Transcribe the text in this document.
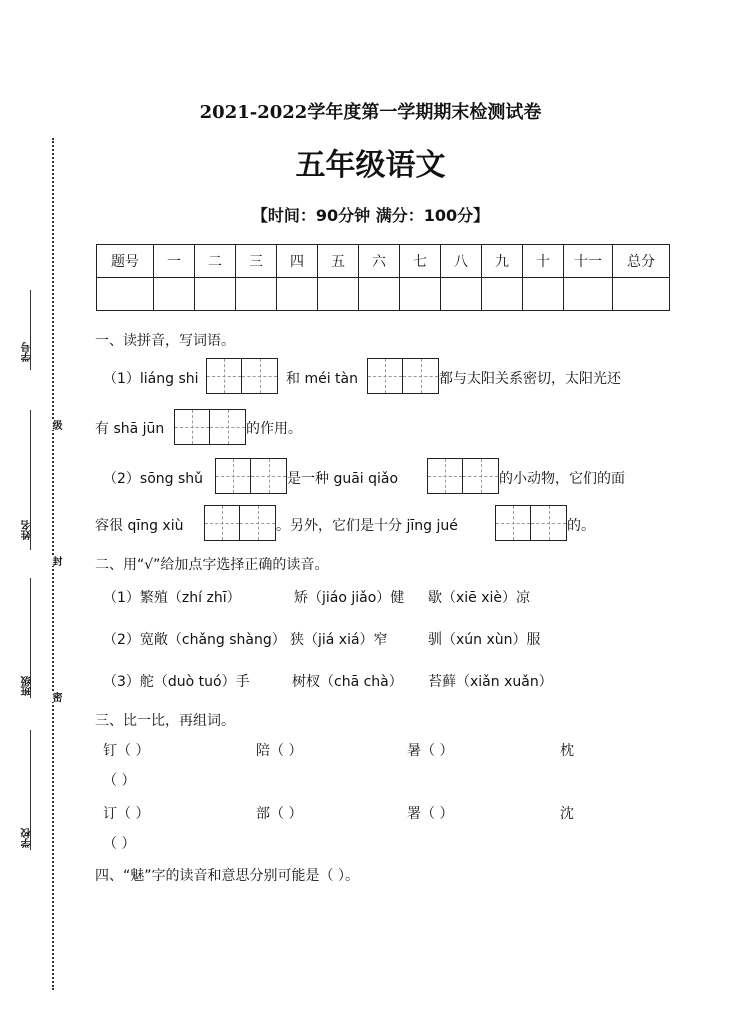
学号
姓名
班级
学校
级
封
密
2021-2022学年度第一学期期末检测试卷
五年级语文
【时间：90分钟 满分：100分】
题号	一	二	三	四	五	六	七	八	九	十	十一	总分

一、读拼音，写词语。
（1）liáng shi	和 méi tàn	都与太阳关系密切，太阳光还
有 shā jūn	的作用。
（2）sōng shǔ	是一种 guāi qiǎo	的小动物，它们的面
容很 qīng xiù	。另外，它们是十分 jīng jué	的。
二、用“√”给加点字选择正确的读音。
（1）繁殖（zhí zhī）	矫（jiáo jiǎo）健 歇（xiē xiè）凉
（2）宽敞（chǎng shàng） 狭（jiá xiá）窄	驯（xún xùn）服
（3）舵（duò tuó）手	树杈（chā chà） 苔藓（xiǎn xuǎn）
三、比一比，再组词。
钉（ ）	陪（ ）	暑（ ）	枕
（ ）
订（ ）	部（ ）	署（ ）	沈
（ ）
四、“魅”字的读音和意思分别可能是（ ）。
